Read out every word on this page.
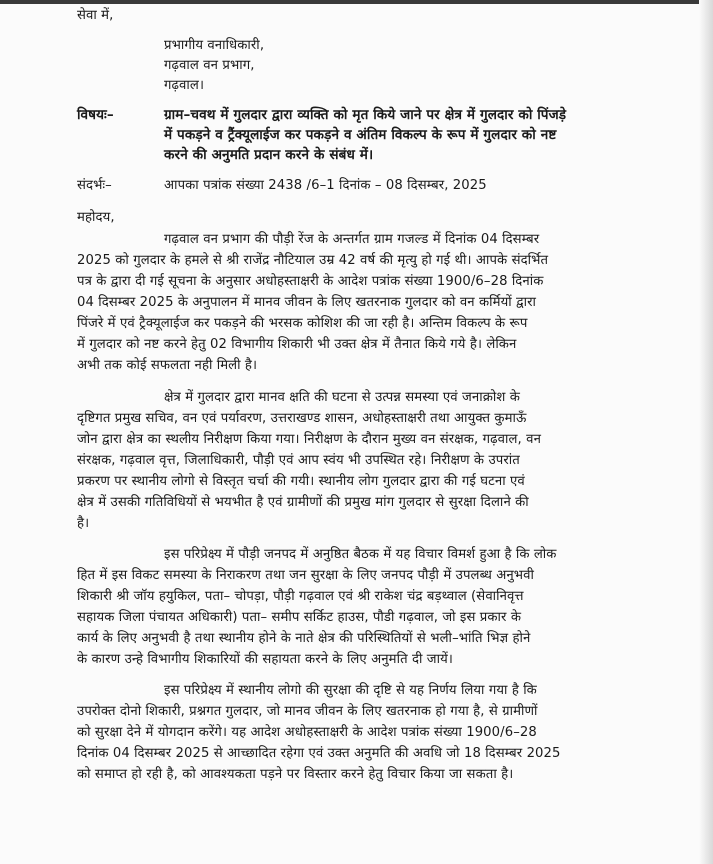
सेवा में,
प्रभागीय वनाधिकारी,
गढ़वाल वन प्रभाग,
गढ़वाल।
विषयः–	ग्राम–चवथ में गुलदार द्वारा व्यक्ति को मृत किये जाने पर क्षेत्र में गुलदार को पिंजड़े
में पकड़ने व ट्रैंक्यूलाईज कर पकड़ने व अंतिम विकल्प के रूप में गुलदार को नष्ट
करने की अनुमति प्रदान करने के संबंध में।
संदर्भः–	आपका पत्रांक संख्या 2438 /6–1 दिनांक – 08 दिसम्बर, 2025
महोदय,
गढ़वाल वन प्रभाग की पौड़ी रेंज के अन्तर्गत ग्राम गजल्ड में दिनांक 04 दिसम्बर
2025 को गुलदार के हमले से श्री राजेंद्र नौटियाल उम्र 42 वर्ष की मृत्यु हो गई थी। आपके संदर्भित
पत्र के द्वारा दी गई सूचना के अनुसार अधोहस्ताक्षरी के आदेश पत्रांक संख्या 1900/6–28 दिनांक
04 दिसम्बर 2025 के अनुपालन में मानव जीवन के लिए खतरनाक गुलदार को वन कर्मियों द्वारा
पिंजरे में एवं ट्रैक्यूलाईज कर पकड़ने की भरसक कोशिश की जा रही है। अन्तिम विकल्प के रूप
में गुलदार को नष्ट करने हेतु 02 विभागीय शिकारी भी उक्त क्षेत्र में तैनात किये गये है। लेकिन
अभी तक कोई सफलता नही मिली है।
क्षेत्र में गुलदार द्वारा मानव क्षति की घटना से उत्पन्न समस्या एवं जनाक्रोश के
दृष्टिगत प्रमुख सचिव, वन एवं पर्यावरण, उत्तराखण्ड शासन, अधोहस्ताक्षरी तथा आयुक्त कुमाऊँ
जोन द्वारा क्षेत्र का स्थलीय निरीक्षण किया गया। निरीक्षण के दौरान मुख्य वन संरक्षक, गढ़वाल, वन
संरक्षक, गढ़वाल वृत्त, जिलाधिकारी, पौड़ी एवं आप स्वंय भी उपस्थित रहे। निरीक्षण के उपरांत
प्रकरण पर स्थानीय लोगो से विस्तृत चर्चा की गयी। स्थानीय लोग गुलदार द्वारा की गई घटना एवं
क्षेत्र में उसकी गतिविधियों से भयभीत है एवं ग्रामीणों की प्रमुख मांग गुलदार से सुरक्षा दिलाने की
है।
इस परिप्रेक्ष्य में पौड़ी जनपद में अनुष्ठित बैठक में यह विचार विमर्श हुआ है कि लोक
हित में इस विकट समस्या के निराकरण तथा जन सुरक्षा के लिए जनपद पौड़ी में उपलब्ध अनुभवी
शिकारी श्री जॉय हयुकिल, पता– चोपड़ा, पौड़ी गढ़वाल एवं श्री राकेश चंद्र बड़थ्वाल (सेवानिवृत्त
सहायक जिला पंचायत अधिकारी) पता– समीप सर्किट हाउस, पौडी गढ़वाल, जो इस प्रकार के
कार्य के लिए अनुभवी है तथा स्थानीय होने के नाते क्षेत्र की परिस्थितियों से भली–भांति भिज्ञ होने
के कारण उन्हे विभागीय शिकारियों की सहायता करने के लिए अनुमति दी जायें।
इस परिप्रेक्ष्य में स्थानीय लोगो की सुरक्षा की दृष्टि से यह निर्णय लिया गया है कि
उपरोक्त दोनो शिकारी, प्रश्नगत गुलदार, जो मानव जीवन के लिए खतरनाक हो गया है, से ग्रामीणों
को सुरक्षा देने में योगदान करेंगे। यह आदेश अधोहस्ताक्षरी के आदेश पत्रांक संख्या 1900/6–28
दिनांक 04 दिसम्बर 2025 से आच्छादित रहेगा एवं उक्त अनुमति की अवधि जो 18 दिसम्बर 2025
को समाप्त हो रही है, को आवश्यकता पड़ने पर विस्तार करने हेतु विचार किया जा सकता है।
